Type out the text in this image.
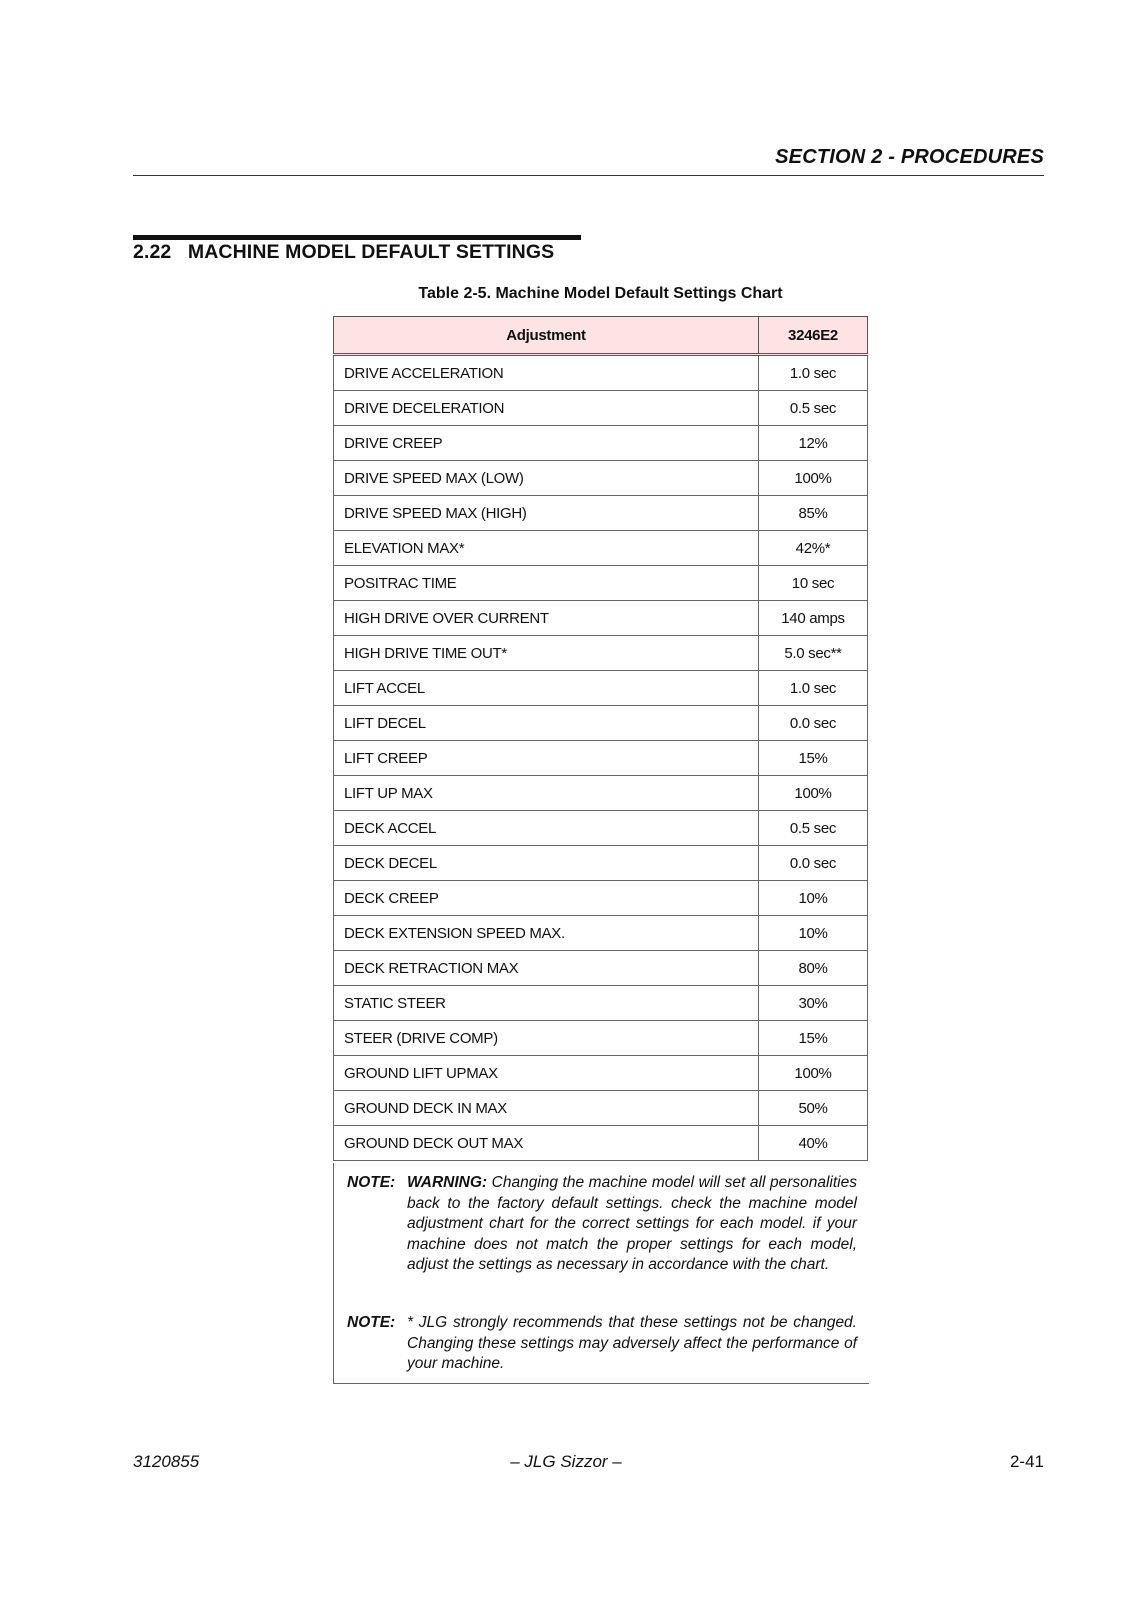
SECTION 2 - PROCEDURES
2.22   MACHINE MODEL DEFAULT SETTINGS
Table 2-5. Machine Model Default Settings Chart
Adjustment	3246E2
DRIVE ACCELERATION	1.0 sec
DRIVE DECELERATION	0.5 sec
DRIVE CREEP	12%
DRIVE SPEED MAX (LOW)	100%
DRIVE SPEED MAX (HIGH)	85%
ELEVATION MAX*	42%*
POSITRAC TIME	10 sec
HIGH DRIVE OVER CURRENT	140 amps
HIGH DRIVE TIME OUT*	5.0 sec**
LIFT ACCEL	1.0 sec
LIFT DECEL	0.0 sec
LIFT CREEP	15%
LIFT UP MAX	100%
DECK ACCEL	0.5 sec
DECK DECEL	0.0 sec
DECK CREEP	10%
DECK EXTENSION SPEED MAX.	10%
DECK RETRACTION MAX	80%
STATIC STEER	30%
STEER (DRIVE COMP)	15%
GROUND LIFT UPMAX	100%
GROUND DECK IN MAX	50%
GROUND DECK OUT MAX	40%
NOTE: WARNING: Changing the machine model will set all personalities back to the factory default settings. check the machine model adjustment chart for the correct settings for each model. if your machine does not match the proper settings for each model, adjust the settings as necessary in accordance with the chart.
NOTE: * JLG strongly recommends that these settings not be changed. Changing these settings may adversely affect the performance of your machine.
3120855	– JLG Sizzor –	2-41
